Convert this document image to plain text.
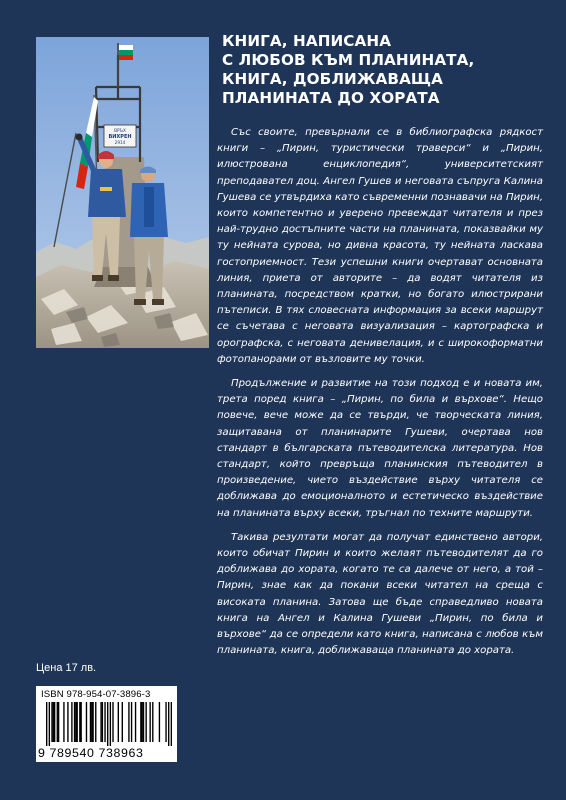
ВРЪХ
ВИХРЕН
2914
КНИГА, НАПИСАНА
С ЛЮБОВ КЪМ ПЛАНИНАТА,
КНИГА, ДОБЛИЖАВАЩА
ПЛАНИНАТА ДО ХОРАТА

Със своите, превърнали се в библиографска рядкост книги – „Пирин, туристически траверси“ и „Пирин, илюстрована енциклопедия“, университетският преподавател доц. Ангел Гушев и неговата съпруга Калина Гушева се утвърдиха като съвременни познавачи на Пирин, които компетентно и уверено превеждат читателя и през най-трудно достъпните части на планината, показвайки му ту нейната сурова, но дивна красота, ту нейната ласкава гостоприемност. Тези успешни книги очертават основната линия, приета от авторите – да водят читателя из планината, посредством кратки, но богато илюстрирани пътеписи. В тях словесната информация за всеки маршрут се съчетава с неговата визуализация – картографска и орографска, с неговата денивелация, и с широкоформатни фотопанорами от възловите му точки.

Продължение и развитие на този подход е и новата им, трета поред книга – „Пирин, по била и върхове“. Нещо повече, вече може да се твърди, че творческата линия, защитавана от планинарите Гушеви, очертава нов стандарт в българската пътеводителска литература. Нов стандарт, който превръща планинския пътеводител в произведение, чието въздействие върху читателя се доближава до емоционалното и естетическо въздействие на планината върху всеки, тръгнал по техните маршрути.

Такива резултати могат да получат единствено автори, които обичат Пирин и които желаят пътеводителят да го доближава до хората, когато те са далече от него, а той – Пирин, знае как да покани всеки читател на среща с високата планина. Затова ще бъде справедливо новата книга на Ангел и Калина Гушеви „Пирин, по била и върхове“ да се определи като книга, написана с любов към планината, книга, доближаваща планината до хората.

Цена 17 лв.
ISBN 978-954-07-3896-3
9 789540 738963
